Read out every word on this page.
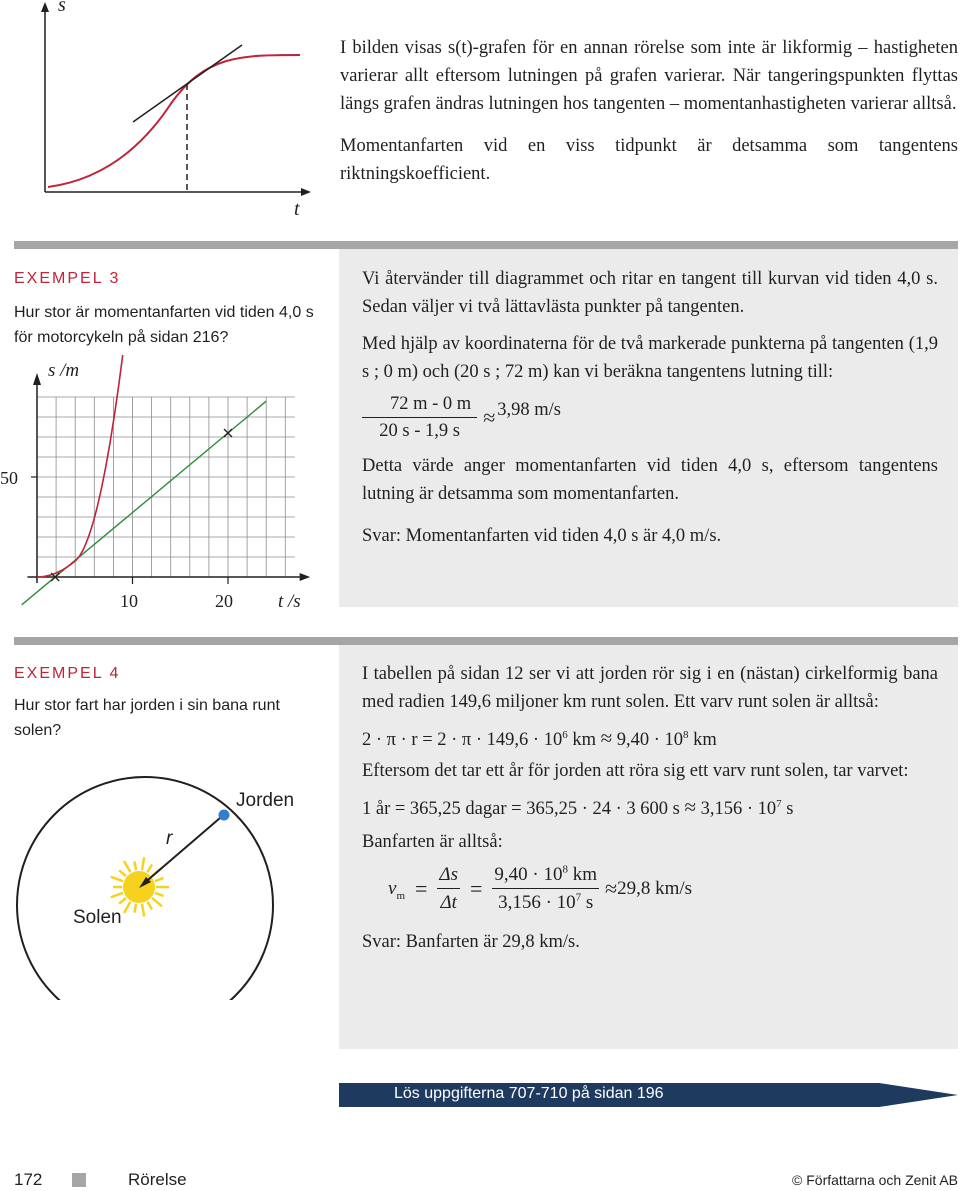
s
t

I bilden visas s(t)-grafen för en annan rörelse som inte är likformig – hastigheten varierar allt eftersom lutningen på grafen varierar. När tangeringspunkten flyttas längs grafen ändras lutningen hos tangenten – momentanhastigheten varierar alltså.

Momentanfarten vid en viss tidpunkt är detsamma som tangentens riktningskoefficient.

EXEMPEL 3
Hur stor är momentanfarten vid tiden 4,0 s för motorcykeln på sidan 216?
s /m
50
10	20 t /s

Vi återvänder till diagrammet och ritar en tangent till kurvan vid tiden 4,0 s. Sedan väljer vi två lättavlästa punkter på tangenten.

Med hjälp av koordinaterna för de två markerade punkterna på tangenten (1,9 s ; 0 m) och (20 s ; 72 m) kan vi beräkna tangentens lutning till:

$\frac{72 m - 0 m}{20 s - 1,9 s} \approx 3,98$ m/s

Detta värde anger momentanfarten vid tiden 4,0 s, eftersom tangentens lutning är detsamma som momentanfarten.

Svar: Momentanfarten vid tiden 4,0 s är 4,0 m/s.

EXEMPEL 4
Hur stor fart har jorden i sin bana runt solen?
r
Jorden
Solen

I tabellen på sidan 12 ser vi att jorden rör sig i en (nästan) cirkelformig bana med radien 149,6 miljoner km runt solen. Ett varv runt solen är alltså:

$2 \cdot \pi \cdot r = 2 \cdot \pi \cdot 149,6 \cdot 10^6$ km ≈ $9,40 \cdot 10^8$ km

Eftersom det tar ett år för jorden att röra sig ett varv runt solen, tar varvet:

1 år = 365,25 dagar = 365,25 · 24 · 3 600 $s \approx 3,156 \cdot 10^7$ s

Banfarten är alltså:

$v_m = \frac{\Delta s}{\Delta t} = \frac{9,40 \cdot 10^8 km}{3,156 \cdot 10^7 s} \approx 29,8$ km/s

Svar: Banfarten är 29,8 km/s.

Lös uppgifterna 707-710 på sidan 196
172	Rörelse	© Författarna och Zenit AB
